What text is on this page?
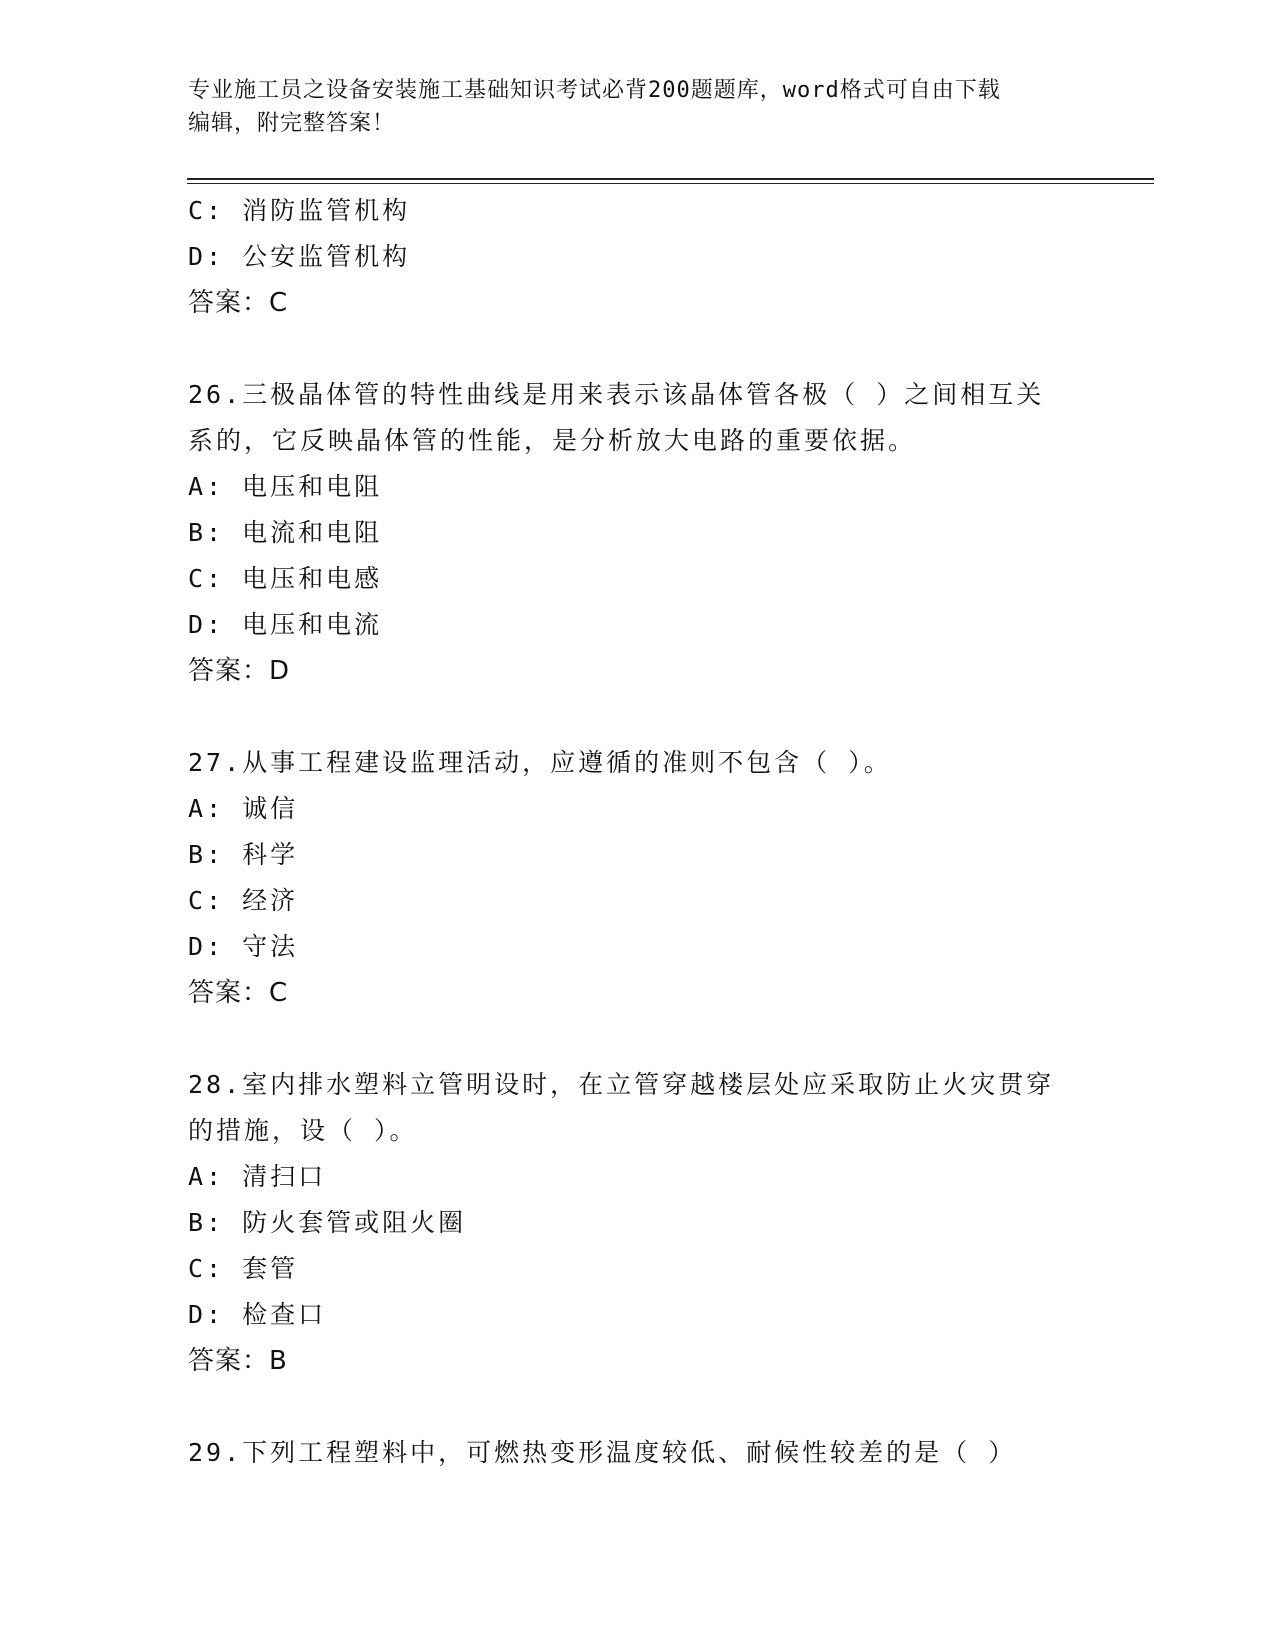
专业施工员之设备安装施工基础知识考试必背200题题库，word格式可自由下载
编辑，附完整答案！
C: 消防监管机构
D: 公安监管机构
答案：C
26.三极晶体管的特性曲线是用来表示该晶体管各极（ ）之间相互关
系的，它反映晶体管的性能，是分析放大电路的重要依据。
A: 电压和电阻
B: 电流和电阻
C: 电压和电感
D: 电压和电流
答案：D
27.从事工程建设监理活动，应遵循的准则不包含（ ）。
A: 诚信
B: 科学
C: 经济
D: 守法
答案：C
28.室内排水塑料立管明设时，在立管穿越楼层处应采取防止火灾贯穿
的措施，设（ ）。
A: 清扫口
B: 防火套管或阻火圈
C: 套管
D: 检查口
答案：B
29.下列工程塑料中，可燃热变形温度较低、耐候性较差的是（ ）
